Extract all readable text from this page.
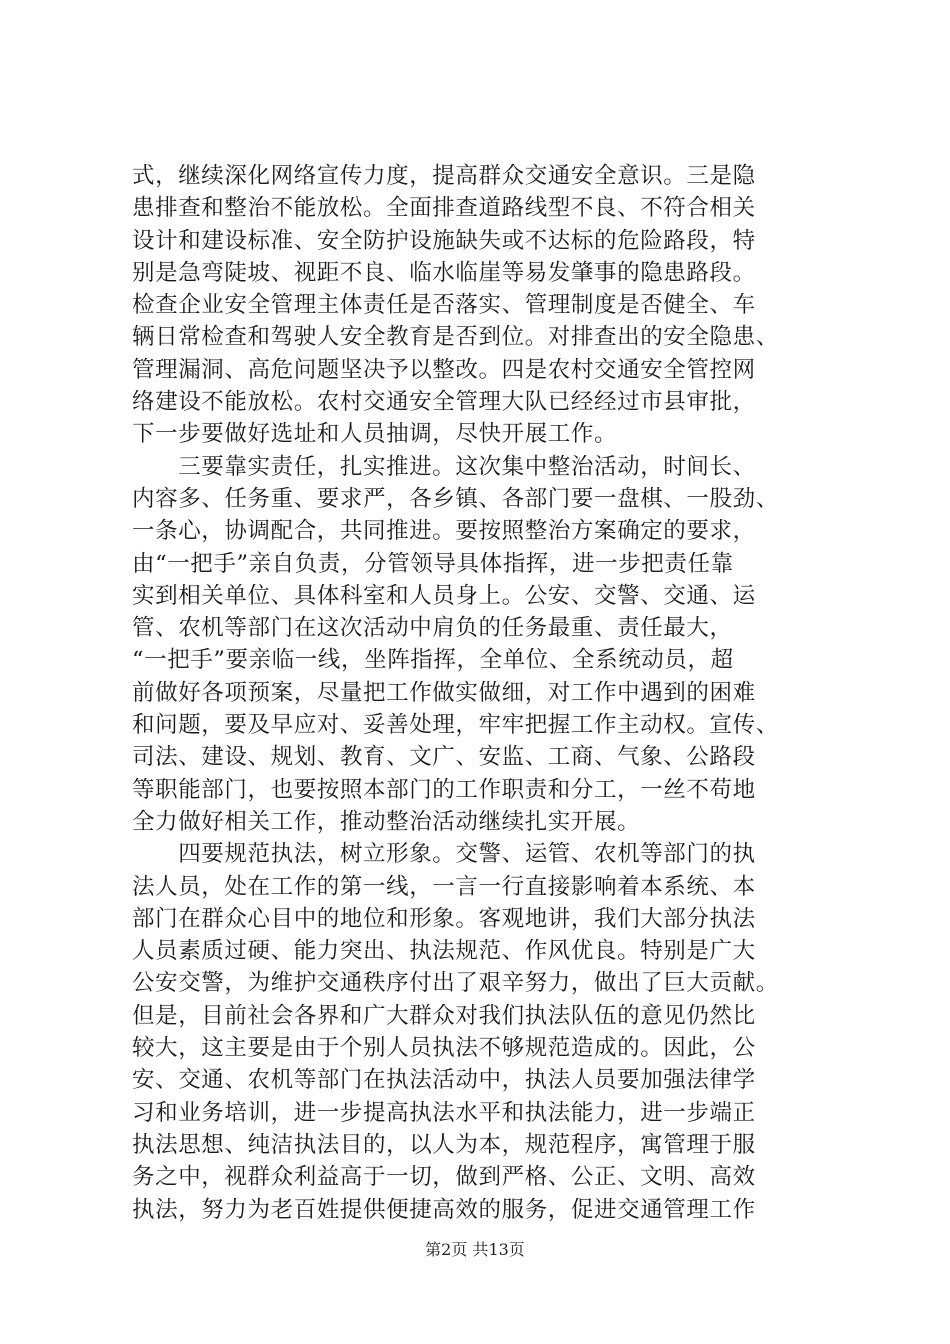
式，继续深化网络宣传力度，提高群众交通安全意识。三是隐
患排查和整治不能放松。全面排查道路线型不良、不符合相关
设计和建设标准、安全防护设施缺失或不达标的危险路段，特
别是急弯陡坡、视距不良、临水临崖等易发肇事的隐患路段。
检查企业安全管理主体责任是否落实、管理制度是否健全、车
辆日常检查和驾驶人安全教育是否到位。对排查出的安全隐患、
管理漏洞、高危问题坚决予以整改。四是农村交通安全管控网
络建设不能放松。农村交通安全管理大队已经经过市县审批，
下一步要做好选址和人员抽调，尽快开展工作。
　　三要靠实责任，扎实推进。这次集中整治活动，时间长、
内容多、任务重、要求严，各乡镇、各部门要一盘棋、一股劲、
一条心，协调配合，共同推进。要按照整治方案确定的要求，
由“一把手”亲自负责，分管领导具体指挥，进一步把责任靠
实到相关单位、具体科室和人员身上。公安、交警、交通、运
管、农机等部门在这次活动中肩负的任务最重、责任最大，
“一把手”要亲临一线，坐阵指挥，全单位、全系统动员，超
前做好各项预案，尽量把工作做实做细，对工作中遇到的困难
和问题，要及早应对、妥善处理，牢牢把握工作主动权。宣传、
司法、建设、规划、教育、文广、安监、工商、气象、公路段
等职能部门，也要按照本部门的工作职责和分工，一丝不苟地
全力做好相关工作，推动整治活动继续扎实开展。
　　四要规范执法，树立形象。交警、运管、农机等部门的执
法人员，处在工作的第一线，一言一行直接影响着本系统、本
部门在群众心目中的地位和形象。客观地讲，我们大部分执法
人员素质过硬、能力突出、执法规范、作风优良。特别是广大
公安交警，为维护交通秩序付出了艰辛努力，做出了巨大贡献。
但是，目前社会各界和广大群众对我们执法队伍的意见仍然比
较大，这主要是由于个别人员执法不够规范造成的。因此，公
安、交通、农机等部门在执法活动中，执法人员要加强法律学
习和业务培训，进一步提高执法水平和执法能力，进一步端正
执法思想、纯洁执法目的，以人为本，规范程序，寓管理于服
务之中，视群众利益高于一切，做到严格、公正、文明、高效
执法，努力为老百姓提供便捷高效的服务，促进交通管理工作
第2页 共13页
